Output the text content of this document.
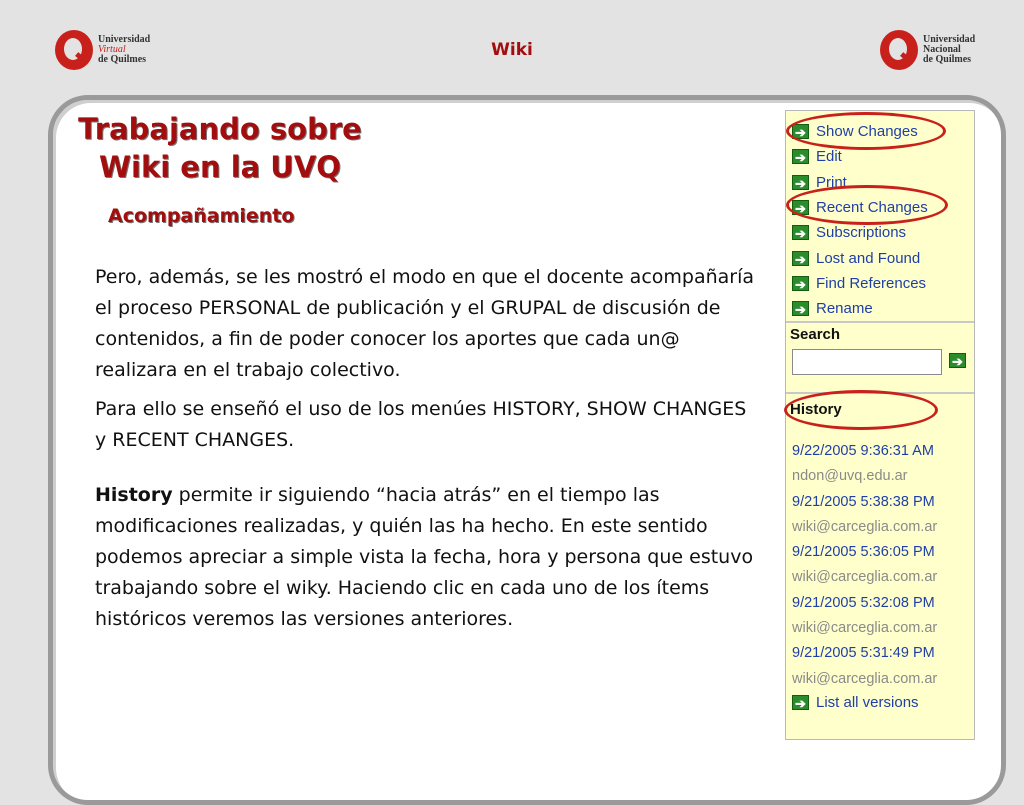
Universidad
Virtual
de Quilmes	Wiki
Universidad
Nacional
de Quilmes
Trabajando sobre
Wiki en la UVQ
Acompañamiento

Pero, además, se les mostró el modo en que el docente acompañaría el proceso PERSONAL de publicación y el GRUPAL de discusión de contenidos, a fin de poder conocer los aportes que cada un@ realizara en el trabajo colectivo.

Para ello se enseñó el uso de los menúes HISTORY, SHOW CHANGES y RECENT CHANGES.

History permite ir siguiendo “hacia atrás” en el tiempo las modificaciones realizadas, y quién las ha hecho. En este sentido podemos apreciar a simple vista la fecha, hora y persona que estuvo trabajando sobre el wiky. Haciendo clic en cada uno de los ítems históricos veremos las versiones anteriores.

➔ Show Changes
➔ Edit
➔ Print
➔ Recent Changes
➔ Subscriptions
➔ Lost and Found
➔ Find References
➔ Rename
Search
➔
History
9/22/2005 9:36:31 AM
ndon@uvq.edu.ar
9/21/2005 5:38:38 PM
wiki@carceglia.com.ar
9/21/2005 5:36:05 PM
wiki@carceglia.com.ar
9/21/2005 5:32:08 PM
wiki@carceglia.com.ar
9/21/2005 5:31:49 PM
wiki@carceglia.com.ar
➔ List all versions
